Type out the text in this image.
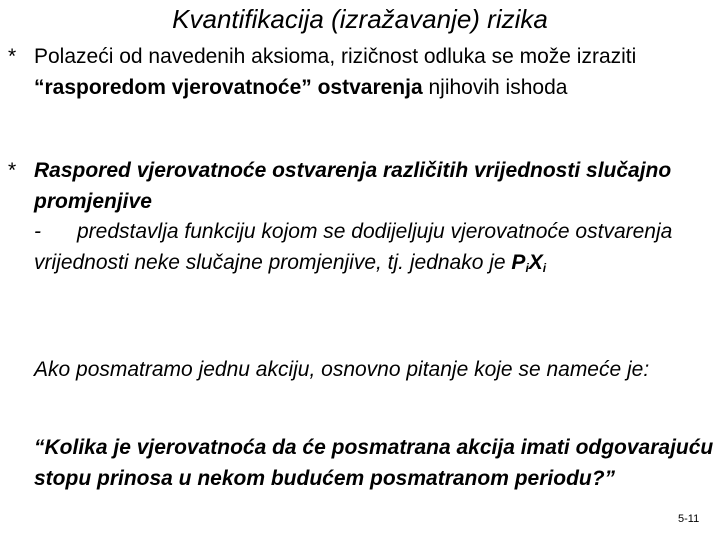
Kvantifikacija (izražavanje) rizika
* Polazeći od navedenih aksioma, rizičnost odluka se može izraziti “rasporedom vjerovatnoće” ostvarenja njihovih ishoda
* Raspored vjerovatnoće ostvarenja različitih vrijednosti slučajno promjenjive
- predstavlja funkciju kojom se dodijeljuju vjerovatnoće ostvarenja vrijednosti neke slučajne promjenjive, tj. jednako je $P_iX_i$
Ako posmatramo jednu akciju, osnovno pitanje koje se nameće je:
“Kolika je vjerovatnoća da će posmatrana akcija imati odgovarajuću stopu prinosa u nekom budućem posmatranom periodu?”
5-11
